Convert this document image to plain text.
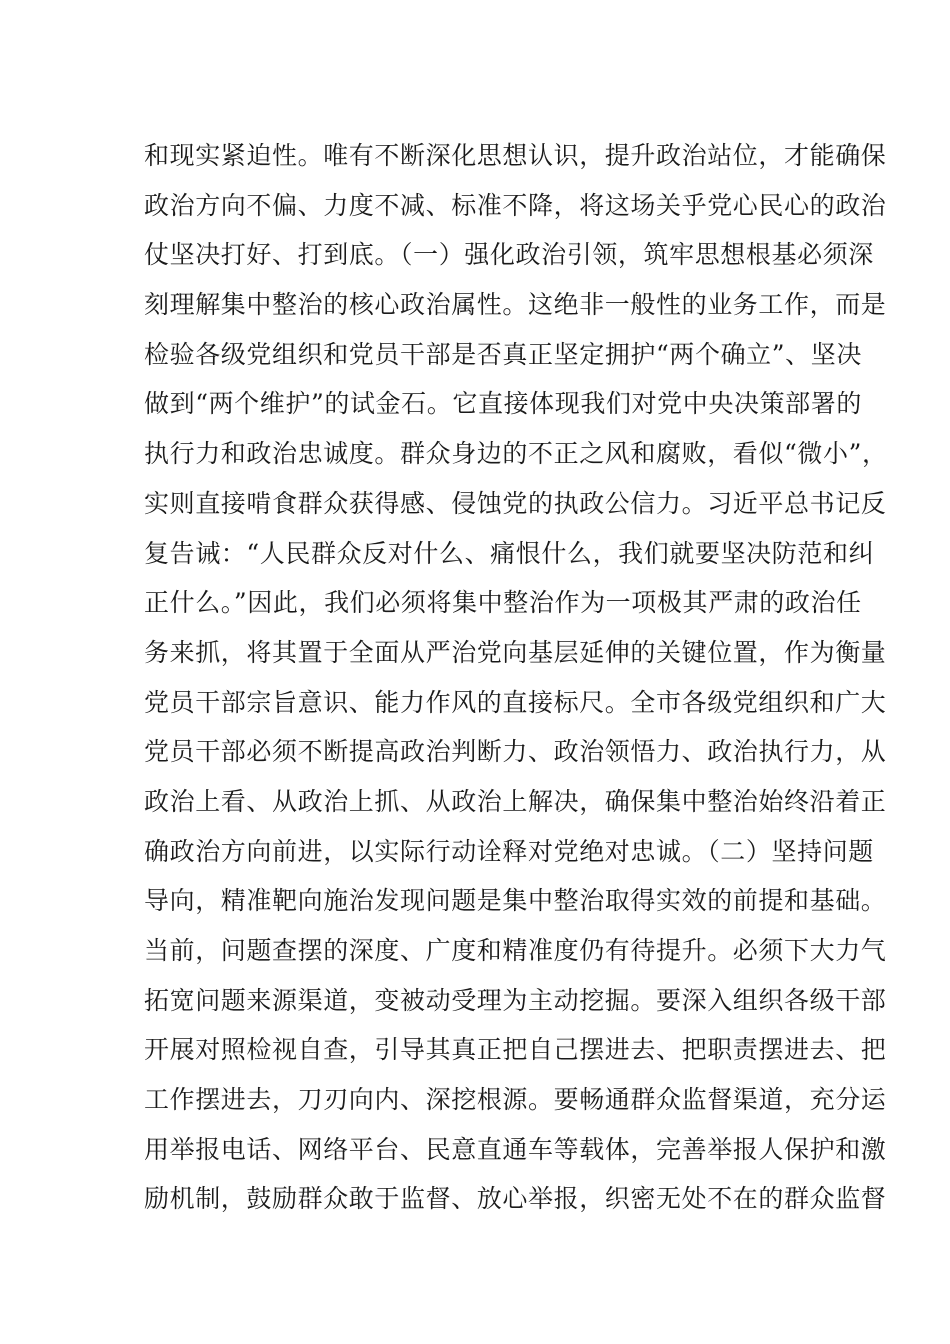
和现实紧迫性。唯有不断深化思想认识，提升政治站位，才能确保
政治方向不偏、力度不减、标准不降，将这场关乎党心民心的政治
仗坚决打好、打到底。（一）强化政治引领，筑牢思想根基必须深
刻理解集中整治的核心政治属性。这绝非一般性的业务工作，而是
检验各级党组织和党员干部是否真正坚定拥护“两个确立”、坚决
做到“两个维护”的试金石。它直接体现我们对党中央决策部署的
执行力和政治忠诚度。群众身边的不正之风和腐败，看似“微小”，
实则直接啃食群众获得感、侵蚀党的执政公信力。习近平总书记反
复告诫：“人民群众反对什么、痛恨什么，我们就要坚决防范和纠
正什么。”因此，我们必须将集中整治作为一项极其严肃的政治任
务来抓，将其置于全面从严治党向基层延伸的关键位置，作为衡量
党员干部宗旨意识、能力作风的直接标尺。全市各级党组织和广大
党员干部必须不断提高政治判断力、政治领悟力、政治执行力，从
政治上看、从政治上抓、从政治上解决，确保集中整治始终沿着正
确政治方向前进，以实际行动诠释对党绝对忠诚。（二）坚持问题
导向，精准靶向施治发现问题是集中整治取得实效的前提和基础。
当前，问题查摆的深度、广度和精准度仍有待提升。必须下大力气
拓宽问题来源渠道，变被动受理为主动挖掘。要深入组织各级干部
开展对照检视自查，引导其真正把自己摆进去、把职责摆进去、把
工作摆进去，刀刃向内、深挖根源。要畅通群众监督渠道，充分运
用举报电话、网络平台、民意直通车等载体，完善举报人保护和激
励机制，鼓励群众敢于监督、放心举报，织密无处不在的群众监督
